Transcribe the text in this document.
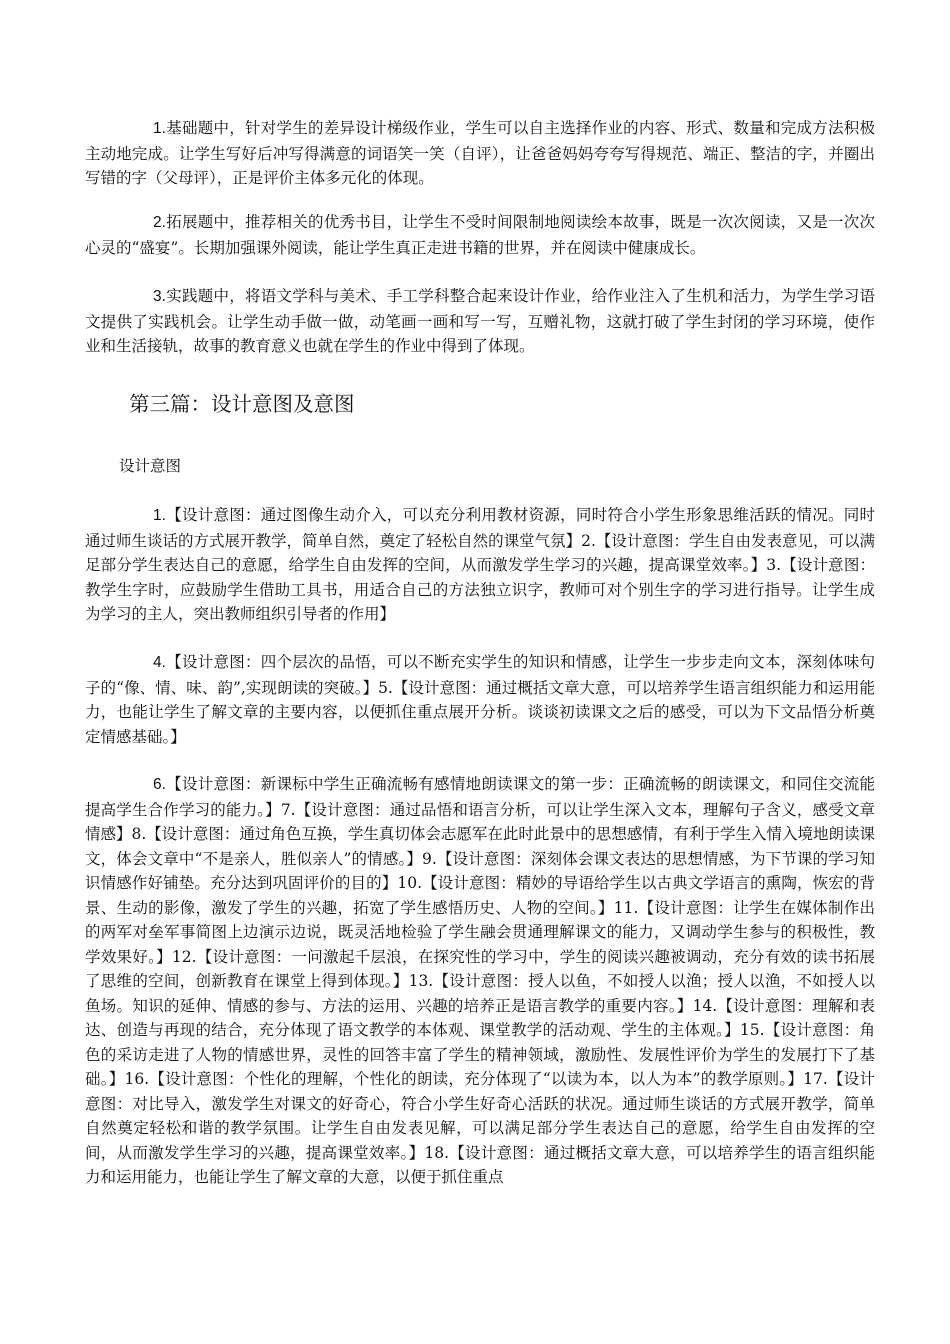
1.基础题中，针对学生的差异设计梯级作业，学生可以自主选择作业的内容、形式、数量和完成方法积极主动地完成。让学生写好后冲写得满意的词语笑一笑（自评），让爸爸妈妈夸夸写得规范、端正、整洁的字，并圈出写错的字（父母评），正是评价主体多元化的体现。

2.拓展题中，推荐相关的优秀书目，让学生不受时间限制地阅读绘本故事，既是一次次阅读，又是一次次心灵的“盛宴”。长期加强课外阅读，能让学生真正走进书籍的世界，并在阅读中健康成长。

3.实践题中，将语文学科与美术、手工学科整合起来设计作业，给作业注入了生机和活力，为学生学习语文提供了实践机会。让学生动手做一做，动笔画一画和写一写，互赠礼物，这就打破了学生封闭的学习环境，使作业和生活接轨，故事的教育意义也就在学生的作业中得到了体现。

第三篇：设计意图及意图

设计意图

1.【设计意图：通过图像生动介入，可以充分利用教材资源，同时符合小学生形象思维活跃的情况。同时通过师生谈话的方式展开教学，简单自然，奠定了轻松自然的课堂气氛】2.【设计意图：学生自由发表意见，可以满足部分学生表达自己的意愿，给学生自由发挥的空间，从而激发学生学习的兴趣，提高课堂效率。】3.【设计意图：教学生字时，应鼓励学生借助工具书，用适合自己的方法独立识字，教师可对个别生字的学习进行指导。让学生成为学习的主人，突出教师组织引导者的作用】

4.【设计意图：四个层次的品悟，可以不断充实学生的知识和情感，让学生一步步走向文本，深刻体味句子的“像、情、味、韵”,实现朗读的突破。】5.【设计意图：通过概括文章大意，可以培养学生语言组织能力和运用能力，也能让学生了解文章的主要内容，以便抓住重点展开分析。谈谈初读课文之后的感受，可以为下文品悟分析奠定情感基础。】

6.【设计意图：新课标中学生正确流畅有感情地朗读课文的第一步：正确流畅的朗读课文，和同住交流能提高学生合作学习的能力。】7.【设计意图：通过品悟和语言分析，可以让学生深入文本，理解句子含义，感受文章情感】8.【设计意图：通过角色互换，学生真切体会志愿军在此时此景中的思想感情，有利于学生入情入境地朗读课文，体会文章中“不是亲人，胜似亲人”的情感。】9.【设计意图：深刻体会课文表达的思想情感，为下节课的学习知识情感作好铺垫。充分达到巩固评价的目的】10.【设计意图：精妙的导语给学生以古典文学语言的熏陶，恢宏的背景、生动的影像，激发了学生的兴趣，拓宽了学生感悟历史、人物的空间。】11.【设计意图：让学生在媒体制作出的两军对垒军事简图上边演示边说，既灵活地检验了学生融会贯通理解课文的能力，又调动学生参与的积极性，教学效果好。】12.【设计意图：一问激起千层浪，在探究性的学习中，学生的阅读兴趣被调动，充分有效的读书拓展了思维的空间，创新教育在课堂上得到体现。】13.【设计意图：授人以鱼，不如授人以渔；授人以渔，不如授人以鱼场。知识的延伸、情感的参与、方法的运用、兴趣的培养正是语言教学的重要内容。】14.【设计意图：理解和表达、创造与再现的结合，充分体现了语文教学的本体观、课堂教学的活动观、学生的主体观。】15.【设计意图：角色的采访走进了人物的情感世界，灵性的回答丰富了学生的精神领域，激励性、发展性评价为学生的发展打下了基础。】16.【设计意图：个性化的理解，个性化的朗读，充分体现了“以读为本，以人为本”的教学原则。】17.【设计意图：对比导入，激发学生对课文的好奇心，符合小学生好奇心活跃的状况。通过师生谈话的方式展开教学，简单自然奠定轻松和谐的教学氛围。让学生自由发表见解，可以满足部分学生表达自己的意愿，给学生自由发挥的空间，从而激发学生学习的兴趣，提高课堂效率。】18.【设计意图：通过概括文章大意，可以培养学生的语言组织能力和运用能力，也能让学生了解文章的大意，以便于抓住重点
